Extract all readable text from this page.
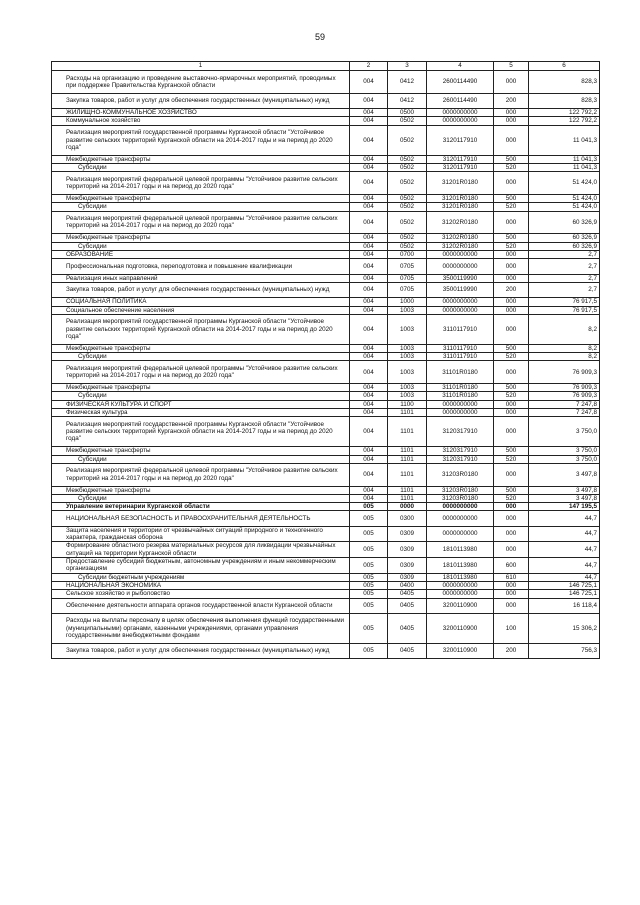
59
1	2	3	4	5	6
Расходы на организацию и проведение выставочно-ярмарочных мероприятий, проводимых при поддержке Правительства Курганской области	004	0412	2600114490	000	828,3
Закупка товаров, работ и услуг для обеспечения государственных (муниципальных) нужд	004	0412	2600114490	200	828,3
ЖИЛИЩНО-КОММУНАЛЬНОЕ ХОЗЯЙСТВО	004	0500	0000000000	000	122 792,2
Коммунальное хозяйство	004	0502	0000000000	000	122 792,2
Реализация мероприятий государственной программы Курганской области "Устойчивое развитие сельских территорий Курганской области на 2014-2017 годы и на период до 2020 года"	004	0502	3120117910	000	11 041,3
Межбюджетные трансферты	004	0502	3120117910	500	11 041,3
Субсидии	004	0502	3120117910	520	11 041,3
Реализация мероприятий федеральной целевой программы "Устойчивое развитие сельских территорий на 2014-2017 годы и на период до 2020 года"	004	0502	31201R0180	000	51 424,0
Межбюджетные трансферты	004	0502	31201R0180	500	51 424,0
Субсидии	004	0502	31201R0180	520	51 424,0
Реализация мероприятий федеральной целевой программы "Устойчивое развитие сельских территорий на 2014-2017 годы и на период до 2020 года"	004	0502	31202R0180	000	60 326,9
Межбюджетные трансферты	004	0502	31202R0180	500	60 326,9
Субсидии	004	0502	31202R0180	520	60 326,9
ОБРАЗОВАНИЕ	004	0700	0000000000	000	2,7
Профессиональная подготовка, переподготовка и повышение квалификации	004	0705	0000000000	000	2,7
Реализация иных направлений	004	0705	3500119990	000	2,7
Закупка товаров, работ и услуг для обеспечения государственных (муниципальных) нужд	004	0705	3500119990	200	2,7
СОЦИАЛЬНАЯ ПОЛИТИКА	004	1000	0000000000	000	76 917,5
Социальное обеспечение населения	004	1003	0000000000	000	76 917,5
Реализация мероприятий государственной программы Курганской области "Устойчивое развитие сельских территорий Курганской области на 2014-2017 годы и на период до 2020 года"	004	1003	3110117910	000	8,2
Межбюджетные трансферты	004	1003	3110117910	500	8,2
Субсидии	004	1003	3110117910	520	8,2
Реализация мероприятий федеральной целевой программы "Устойчивое развитие сельских территорий на 2014-2017 годы и на период до 2020 года"	004	1003	31101R0180	000	76 909,3
Межбюджетные трансферты	004	1003	31101R0180	500	76 909,3
Субсидии	004	1003	31101R0180	520	76 909,3
ФИЗИЧЕСКАЯ КУЛЬТУРА И СПОРТ	004	1100	0000000000	000	7 247,8
Физическая культура	004	1101	0000000000	000	7 247,8
Реализация мероприятий государственной программы Курганской области "Устойчивое развитие сельских территорий Курганской области на 2014-2017 годы и на период до 2020 года"	004	1101	3120317910	000	3 750,0
Межбюджетные трансферты	004	1101	3120317910	500	3 750,0
Субсидии	004	1101	3120317910	520	3 750,0
Реализация мероприятий федеральной целевой программы "Устойчивое развитие сельских территорий на 2014-2017 годы и на период до 2020 года"	004	1101	31203R0180	000	3 497,8
Межбюджетные трансферты	004	1101	31203R0180	500	3 497,8
Субсидии	004	1101	31203R0180	520	3 497,8
Управление ветеринарии Курганской области	005	0000	0000000000	000	147 195,5
НАЦИОНАЛЬНАЯ БЕЗОПАСНОСТЬ И ПРАВООХРАНИТЕЛЬНАЯ ДЕЯТЕЛЬНОСТЬ	005	0300	0000000000	000	44,7
Защита населения и территории от чрезвычайных ситуаций природного и техногенного характера, гражданская оборона	005	0309	0000000000	000	44,7
Формирование областного резерва материальных ресурсов для ликвидации чрезвычайных ситуаций на территории Курганской области	005	0309	1810113980	000	44,7
Предоставление субсидий бюджетным, автономным учреждениям и иным некоммерческим организациям	005	0309	1810113980	600	44,7
Субсидии бюджетным учреждениям	005	0309	1810113980	610	44,7
НАЦИОНАЛЬНАЯ ЭКОНОМИКА	005	0400	0000000000	000	146 725,1
Сельское хозяйство и рыболовство	005	0405	0000000000	000	146 725,1
Обеспечение деятельности аппарата органов государственной власти Курганской области	005	0405	3200110900	000	16 118,4
Расходы на выплаты персоналу в целях обеспечения выполнения функций государственными (муниципальными) органами, казенными учреждениями, органами управления государственными внебюджетными фондами	005	0405	3200110900	100	15 306,2
Закупка товаров, работ и услуг для обеспечения государственных (муниципальных) нужд	005	0405	3200110900	200	756,3
